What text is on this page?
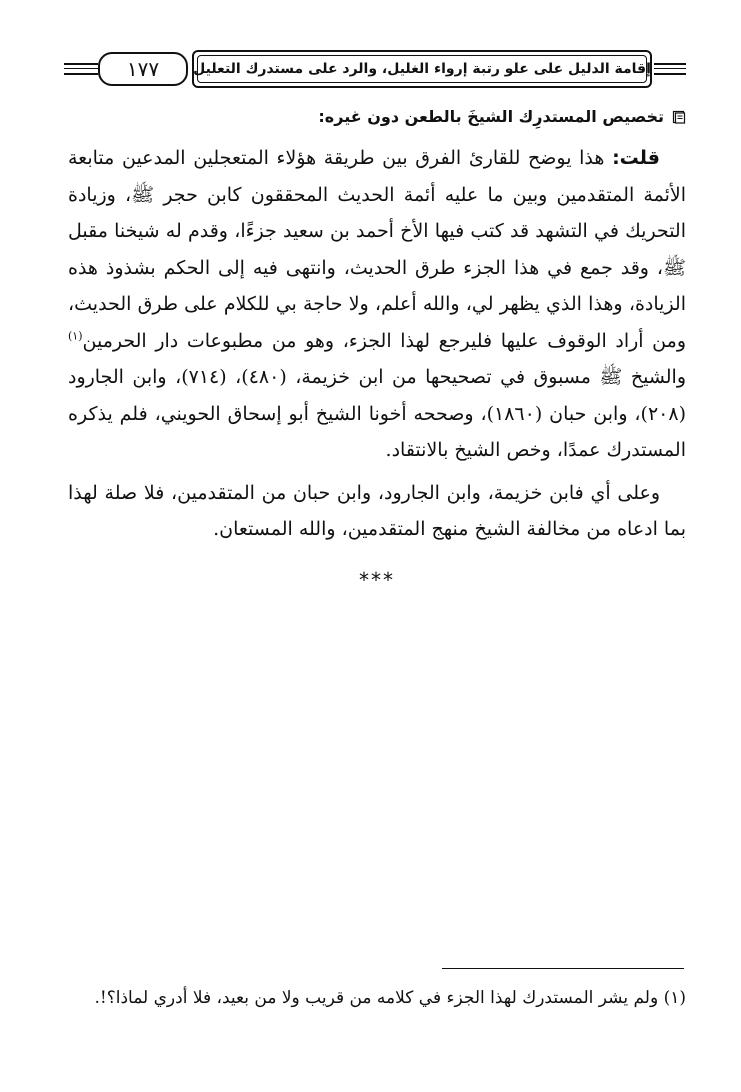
١٧٧	إقامة الدليل على علو رتبة إرواء الغليل، والرد على مستدرك التعليل
تخصيص المستدرِك الشيخَ بالطعن دون غيره:

قلت: هذا يوضح للقارئ الفرق بين طريقة هؤلاء المتعجلين المدعين متابعة الأئمة المتقدمين وبين ما عليه أئمة الحديث المحققون كابن حجر ﷺ، وزيادة التحريك في التشهد قد كتب فيها الأخ أحمد بن سعيد جزءًا، وقدم له شيخنا مقبل ﷺ، وقد جمع في هذا الجزء طرق الحديث، وانتهى فيه إلى الحكم بشذوذ هذه الزيادة، وهذا الذي يظهر لي، والله أعلم، ولا حاجة بي للكلام على طرق الحديث، ومن أراد الوقوف عليها فليرجع لهذا الجزء، وهو من مطبوعات دار الحرمين$^{(١)}$ والشيخ ﷺ مسبوق في تصحيحها من ابن خزيمة، (٤٨٠)، (٧١٤)، وابن الجارود (٢٠٨)، وابن حبان (١٨٦٠)، وصححه أخونا الشيخ أبو إسحاق الحويني، فلم يذكره المستدرك عمدًا، وخص الشيخ بالانتقاد.

وعلى أي فابن خزيمة، وابن الجارود، وابن حبان من المتقدمين، فلا صلة لهذا بما ادعاه من مخالفة الشيخ منهج المتقدمين، والله المستعان.

***
(١) ولم يشر المستدرك لهذا الجزء في كلامه من قريب ولا من بعيد، فلا أدري لماذا؟!.
